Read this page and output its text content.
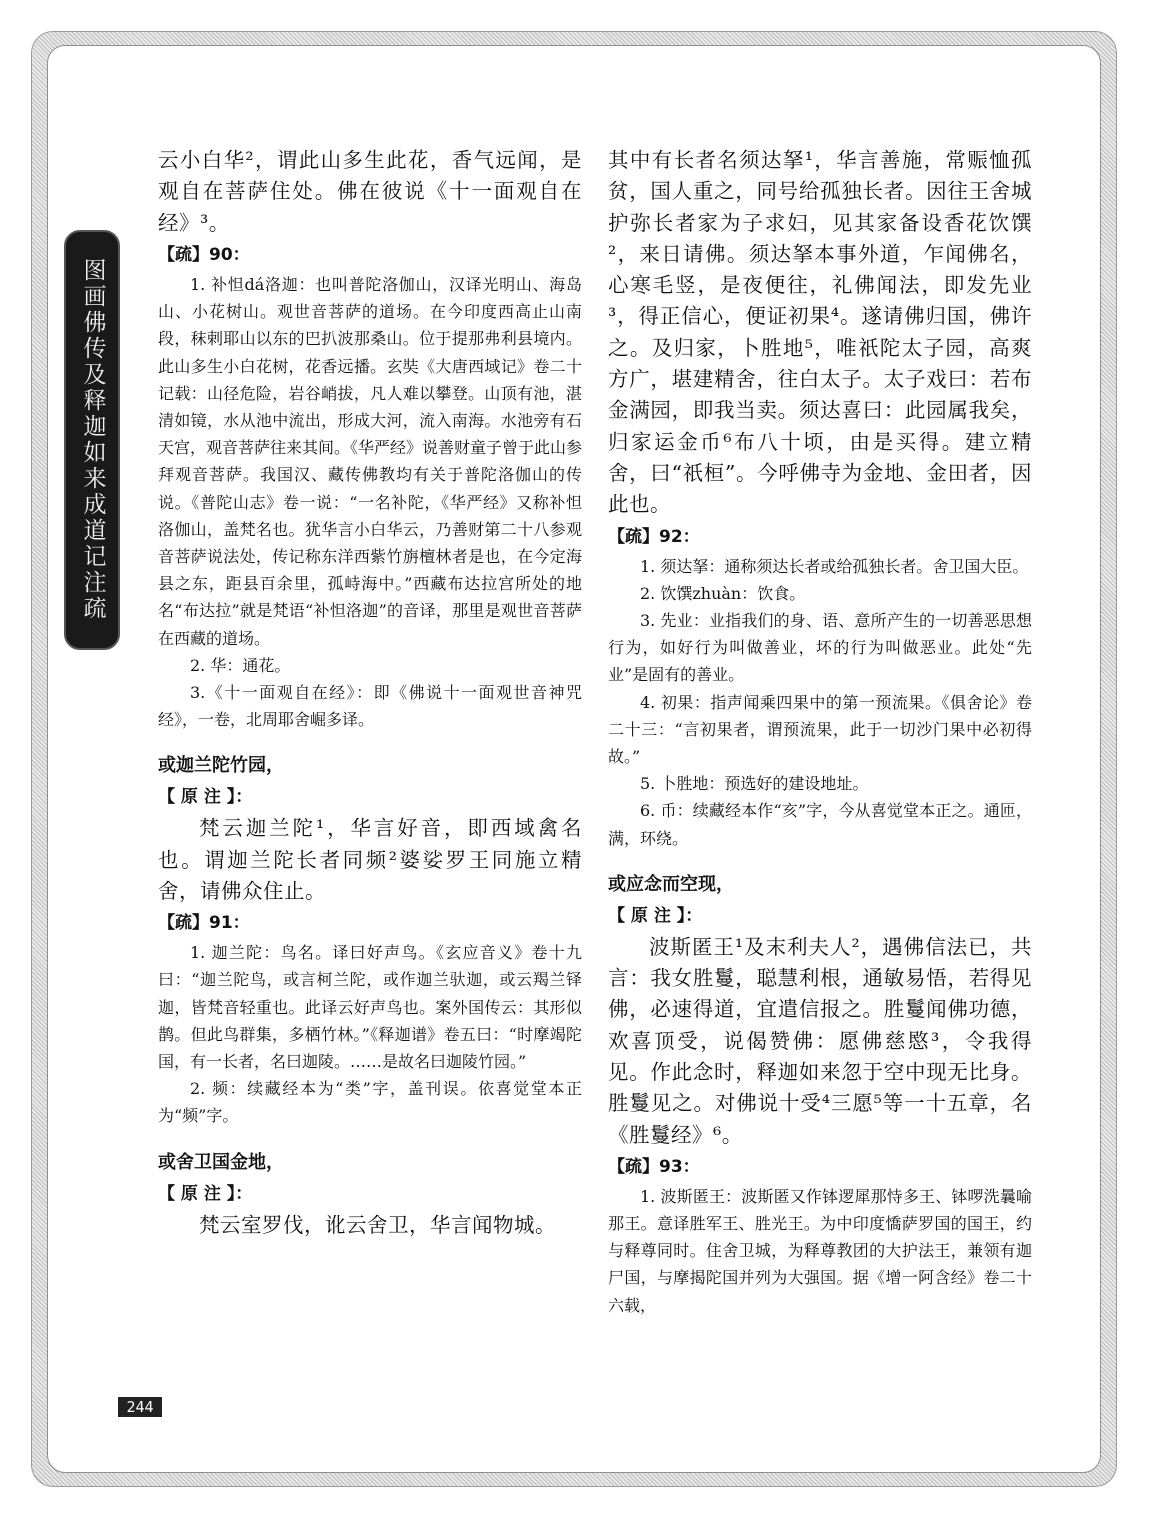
图画佛传及释迦如来成道记注疏

云小白华²，谓此山多生此花，香气远闻，是观自在菩萨住处。佛在彼说《十一面观自在经》³。

【疏】90：

1. 补怛dá洛迦：也叫普陀洛伽山，汉译光明山、海岛山、小花树山。观世音菩萨的道场。在今印度西高止山南段，秣剌耶山以东的巴扒波那桑山。位于提那弗利县境内。此山多生小白花树，花香远播。玄奘《大唐西域记》卷二十记载：山径危险，岩谷峭拔，凡人难以攀登。山顶有池，湛清如镜，水从池中流出，形成大河，流入南海。水池旁有石天宫，观音菩萨往来其间。《华严经》说善财童子曾于此山参拜观音菩萨。我国汉、藏传佛教均有关于普陀洛伽山的传说。《普陀山志》卷一说：“一名补陀，《华严经》又称补怛洛伽山，盖梵名也。犹华言小白华云，乃善财第二十八参观音菩萨说法处，传记称东洋西紫竹旃檀林者是也，在今定海县之东，距县百余里，孤峙海中。”西藏布达拉宫所处的地名“布达拉”就是梵语“补怛洛迦”的音译，那里是观世音菩萨在西藏的道场。

2. 华：通花。

3.《十一面观自在经》：即《佛说十一面观世音神咒经》，一卷，北周耶舍崛多译。

或迦兰陀竹园，

【 原 注 】：

梵云迦兰陀¹，华言好音，即西域禽名也。谓迦兰陀长者同频²婆娑罗王同施立精舍，请佛众住止。

【疏】91：

1. 迦兰陀：鸟名。译曰好声鸟。《玄应音义》卷十九曰：“迦兰陀鸟，或言柯兰陀，或作迦兰驮迦，或云羯兰铎迦，皆梵音轻重也。此译云好声鸟也。案外国传云：其形似鹊。但此鸟群集，多栖竹林。”《释迦谱》卷五曰：“时摩竭陀国，有一长者，名曰迦陵。……是故名曰迦陵竹园。”

2. 频：续藏经本为“类”字，盖刊误。依喜觉堂本正为“频”字。

或舍卫国金地，

【 原 注 】：

梵云室罗伐，讹云舍卫，华言闻物城。

其中有长者名须达拏¹，华言善施，常赈恤孤贫，国人重之，同号给孤独长者。因往王舍城护弥长者家为子求妇，见其家备设香花饮馔²，来日请佛。须达拏本事外道，乍闻佛名，心寒毛竖，是夜便往，礼佛闻法，即发先业³，得正信心，便证初果⁴。遂请佛归国，佛许之。及归家，卜胜地⁵，唯祇陀太子园，高爽方广，堪建精舍，往白太子。太子戏曰：若布金满园，即我当卖。须达喜曰：此园属我矣，归家运金币⁶布八十顷，由是买得。建立精舍，曰“祇桓”。今呼佛寺为金地、金田者，因此也。

【疏】92：

1. 须达拏：通称须达长者或给孤独长者。舍卫国大臣。

2. 饮馔zhuàn：饮食。

3. 先业：业指我们的身、语、意所产生的一切善恶思想行为，如好行为叫做善业，坏的行为叫做恶业。此处“先业”是固有的善业。

4. 初果：指声闻乘四果中的第一预流果。《俱舍论》卷二十三：“言初果者，谓预流果，此于一切沙门果中必初得故。”

5. 卜胜地：预选好的建设地址。

6. 币：续藏经本作“亥”字，今从喜觉堂本正之。通匝，满，环绕。

或应念而空现，

【 原 注 】：

波斯匿王¹及末利夫人²，遇佛信法已，共言：我女胜鬘，聪慧利根，通敏易悟，若得见佛，必速得道，宜遣信报之。胜鬘闻佛功德，欢喜顶受，说偈赞佛：愿佛慈愍³，令我得见。作此念时，释迦如来忽于空中现无比身。胜鬘见之。对佛说十受⁴三愿⁵等一十五章，名《胜鬘经》⁶。

【疏】93：

1. 波斯匿王：波斯匿又作钵逻犀那恃多王、钵啰洗曩喻那王。意译胜军王、胜光王。为中印度憍萨罗国的国王，约与释尊同时。住舍卫城，为释尊教团的大护法王，兼领有迦尸国，与摩揭陀国并列为大强国。据《增一阿含经》卷二十六载，

244
